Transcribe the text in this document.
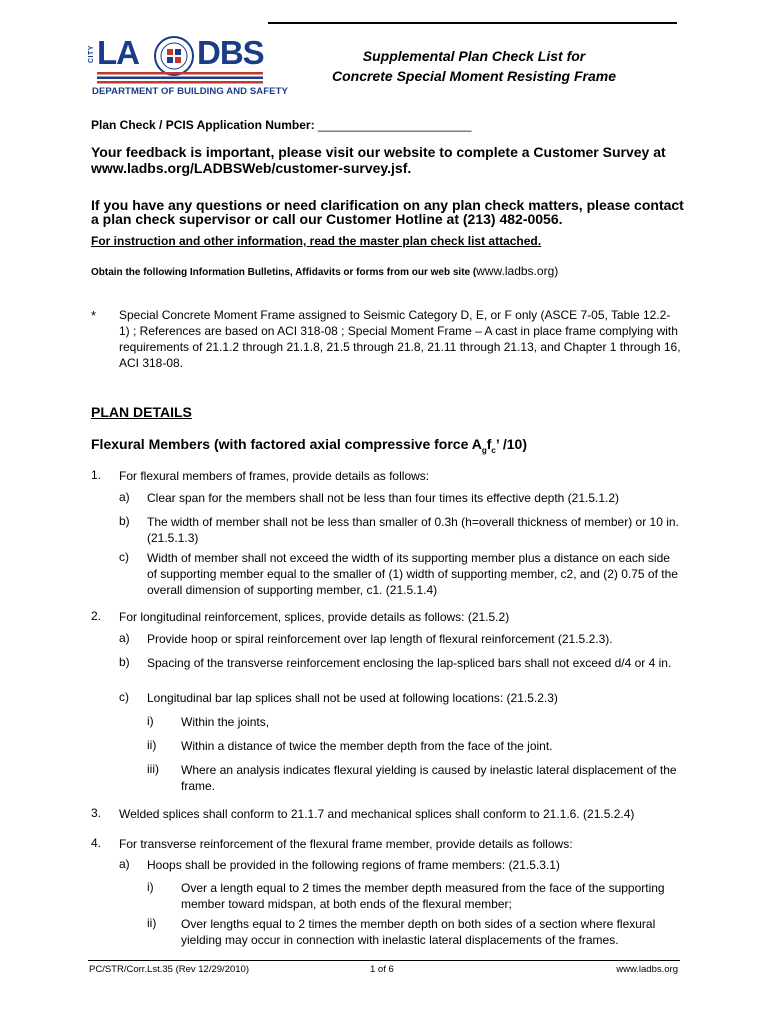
CITY LA DBS
DEPARTMENT OF BUILDING AND SAFETY
Supplemental Plan Check List for
Concrete Special Moment Resisting Frame
Plan Check / PCIS Application Number: _______________________
Your feedback is important, please visit our website to complete a Customer Survey at
www.ladbs.org/LADBSWeb/customer-survey.jsf.
If you have any questions or need clarification on any plan check matters, please contact
a plan check supervisor or call our Customer Hotline at (213) 482-0056.
For instruction and other information, read the master plan check list attached.
Obtain the following Information Bulletins, Affidavits or forms from our web site (www.ladbs.org)
* Special Concrete Moment Frame assigned to Seismic Category D, E, or F only (ASCE 7-05, Table 12.2-1) ; References are based on ACI 318-08 ; Special Moment Frame – A cast in place frame complying with requirements of 21.1.2 through 21.1.8, 21.5 through 21.8, 21.11 through 21.13, and Chapter 1 through 16, ACI 318-08.
PLAN DETAILS
Flexural Members (with factored axial compressive force $A_gf_c$’ /10)
1. For flexural members of frames, provide details as follows:
a) Clear span for the members shall not be less than four times its effective depth (21.5.1.2)
b) The width of member shall not be less than smaller of 0.3h (h=overall thickness of member) or 10 in. (21.5.1.3)
c) Width of member shall not exceed the width of its supporting member plus a distance on each side of supporting member equal to the smaller of (1) width of supporting member, c2, and (2) 0.75 of the overall dimension of supporting member, c1. (21.5.1.4)
2. For longitudinal reinforcement, splices, provide details as follows: (21.5.2)
a) Provide hoop or spiral reinforcement over lap length of flexural reinforcement (21.5.2.3).
b) Spacing of the transverse reinforcement enclosing the lap-spliced bars shall not exceed d/4 or 4 in.
c) Longitudinal bar lap splices shall not be used at following locations: (21.5.2.3)
i) Within the joints,
ii) Within a distance of twice the member depth from the face of the joint.
iii) Where an analysis indicates flexural yielding is caused by inelastic lateral displacement of the frame.
3. Welded splices shall conform to 21.1.7 and mechanical splices shall conform to 21.1.6. (21.5.2.4)
4. For transverse reinforcement of the flexural frame member, provide details as follows:
a) Hoops shall be provided in the following regions of frame members: (21.5.3.1)
i) Over a length equal to 2 times the member depth measured from the face of the supporting member toward midspan, at both ends of the flexural member;
ii) Over lengths equal to 2 times the member depth on both sides of a section where flexural yielding may occur in connection with inelastic lateral displacements of the frames.
PC/STR/Corr.Lst.35 (Rev 12/29/2010)	1 of 6	www.ladbs.org
